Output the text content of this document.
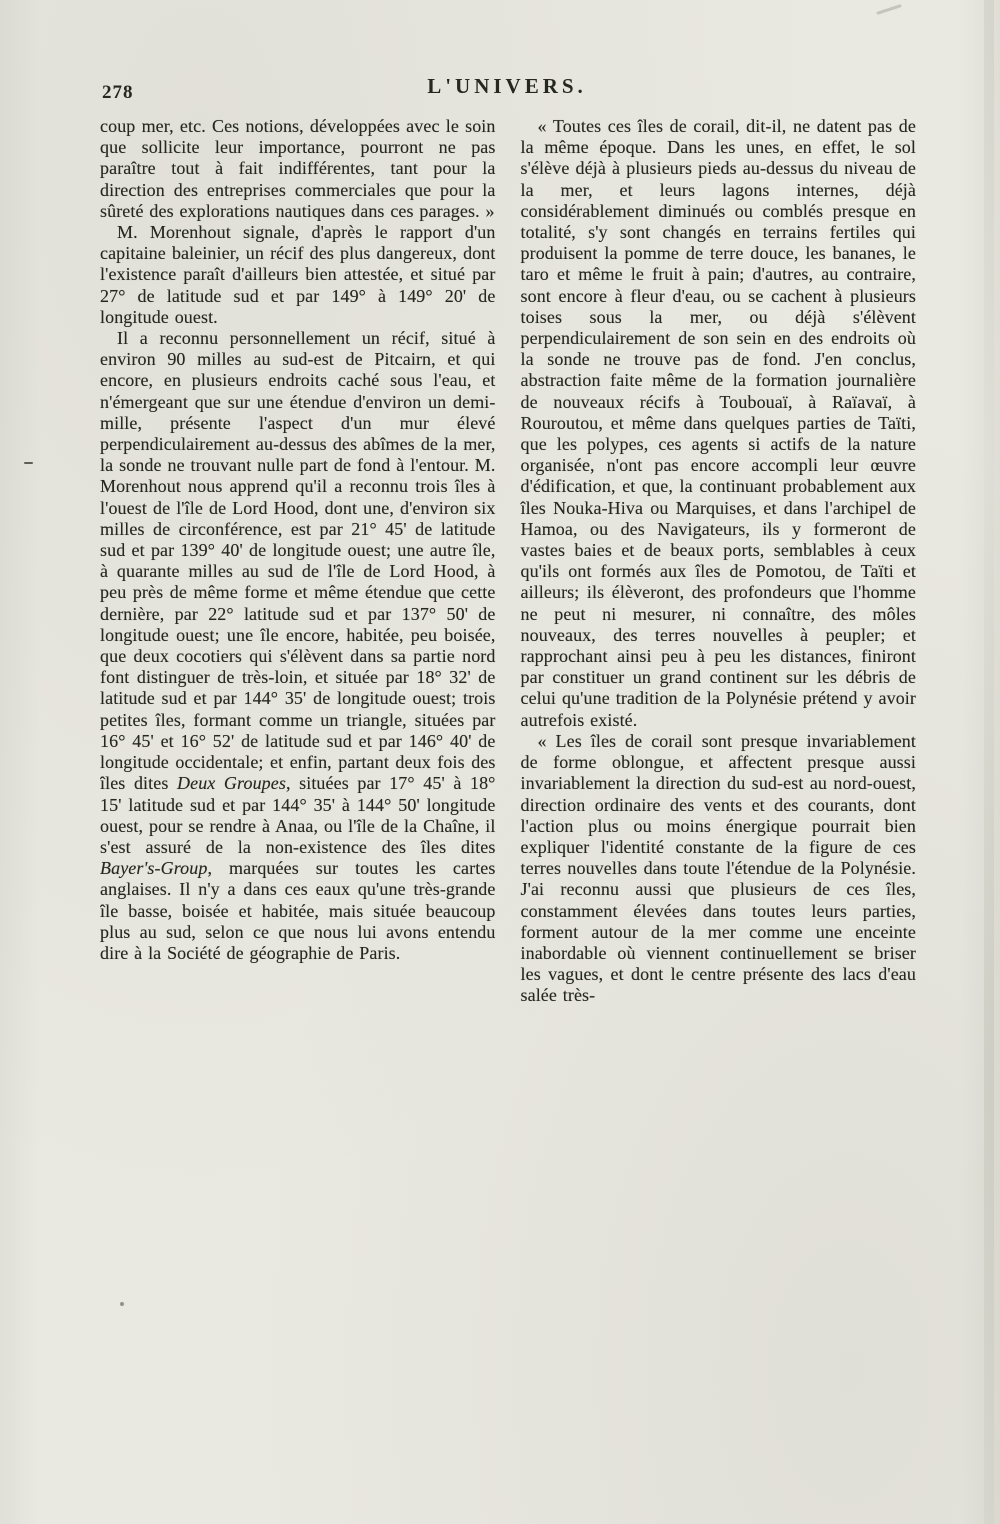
278	L'UNIVERS.

coup mer, etc. Ces notions, développées avec le soin que sollicite leur importance, pourront ne pas paraître tout à fait indifférentes, tant pour la direction des entreprises commerciales que pour la sûreté des explorations nautiques dans ces parages. »

M. Morenhout signale, d'après le rapport d'un capitaine baleinier, un récif des plus dangereux, dont l'existence paraît d'ailleurs bien attestée, et situé par 27° de latitude sud et par 149° à 149° 20' de longitude ouest.

Il a reconnu personnellement un récif, situé à environ 90 milles au sud-est de Pitcairn, et qui encore, en plusieurs endroits caché sous l'eau, et n'émergeant que sur une étendue d'environ un demi-mille, présente l'aspect d'un mur élevé perpendiculairement au-dessus des abîmes de la mer, la sonde ne trouvant nulle part de fond à l'entour. M. Morenhout nous apprend qu'il a reconnu trois îles à l'ouest de l'île de Lord Hood, dont une, d'environ six milles de circonférence, est par 21° 45' de latitude sud et par 139° 40' de longitude ouest; une autre île, à quarante milles au sud de l'île de Lord Hood, à peu près de même forme et même étendue que cette dernière, par 22° latitude sud et par 137° 50' de longitude ouest; une île encore, habitée, peu boisée, que deux cocotiers qui s'élèvent dans sa partie nord font distinguer de très-loin, et située par 18° 32' de latitude sud et par 144° 35' de longitude ouest; trois petites îles, formant comme un triangle, situées par 16° 45' et 16° 52' de latitude sud et par 146° 40' de longitude occidentale; et enfin, partant deux fois des îles dites Deux Groupes, situées par 17° 45' à 18° 15' latitude sud et par 144° 35' à 144° 50' longitude ouest, pour se rendre à Anaa, ou l'île de la Chaîne, il s'est assuré de la non-existence des îles dites Bayer's-Group, marquées sur toutes les cartes anglaises. Il n'y a dans ces eaux qu'une très-grande île basse, boisée et habitée, mais située beaucoup plus au sud, selon ce que nous lui avons entendu dire à la Société de géographie de Paris.

« Toutes ces îles de corail, dit-il, ne datent pas de la même époque. Dans les unes, en effet, le sol s'élève déjà à plusieurs pieds au-dessus du niveau de la mer, et leurs lagons internes, déjà considérablement diminués ou comblés presque en totalité, s'y sont changés en terrains fertiles qui produisent la pomme de terre douce, les bananes, le taro et même le fruit à pain; d'autres, au contraire, sont encore à fleur d'eau, ou se cachent à plusieurs toises sous la mer, ou déjà s'élèvent perpendiculairement de son sein en des endroits où la sonde ne trouve pas de fond. J'en conclus, abstraction faite même de la formation journalière de nouveaux récifs à Toubouaï, à Raïavaï, à Rouroutou, et même dans quelques parties de Taïti, que les polypes, ces agents si actifs de la nature organisée, n'ont pas encore accompli leur œuvre d'édification, et que, la continuant probablement aux îles Nouka-Hiva ou Marquises, et dans l'archipel de Hamoa, ou des Navigateurs, ils y formeront de vastes baies et de beaux ports, semblables à ceux qu'ils ont formés aux îles de Pomotou, de Taïti et ailleurs; ils élèveront, des profondeurs que l'homme ne peut ni mesurer, ni connaître, des môles nouveaux, des terres nouvelles à peupler; et rapprochant ainsi peu à peu les distances, finiront par constituer un grand continent sur les débris de celui qu'une tradition de la Polynésie prétend y avoir autrefois existé.

« Les îles de corail sont presque invariablement de forme oblongue, et affectent presque aussi invariablement la direction du sud-est au nord-ouest, direction ordinaire des vents et des courants, dont l'action plus ou moins énergique pourrait bien expliquer l'identité constante de la figure de ces terres nouvelles dans toute l'étendue de la Polynésie. J'ai reconnu aussi que plusieurs de ces îles, constamment élevées dans toutes leurs parties, forment autour de la mer comme une enceinte inabordable où viennent continuellement se briser les vagues, et dont le centre présente des lacs d'eau salée très-
